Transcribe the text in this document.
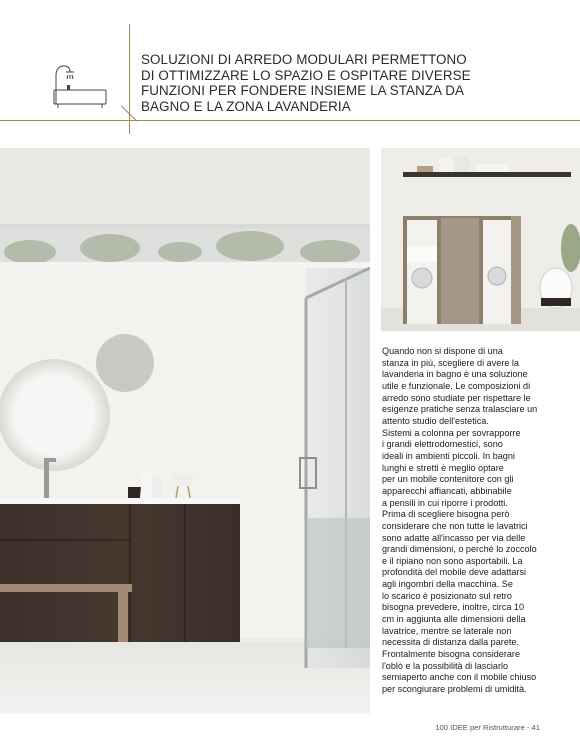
SOLUZIONI DI ARREDO MODULARI PERMETTONO
DI OTTIMIZZARE LO SPAZIO E OSPITARE DIVERSE
FUNZIONI PER FONDERE INSIEME LA STANZA DA
BAGNO E LA ZONA LAVANDERIA

Quando non si dispone di una
stanza in più, scegliere di avere la
lavanderia in bagno è una soluzione
utile e funzionale. Le composizioni di
arredo sono studiate per rispettare le
esigenze pratiche senza tralasciare un
attento studio dell'estetica.
Sistemi a colonna per sovrapporre
i grandi elettrodomestici, sono
ideali in ambienti piccoli. In bagni
lunghi e stretti è meglio optare
per un mobile contenitore con gli
apparecchi affiancati, abbinabile
a pensili in cui riporre i prodotti.
Prima di scegliere bisogna però
considerare che non tutte le lavatrici
sono adatte all'incasso per via delle
grandi dimensioni, o perché lo zoccolo
e il ripiano non sono asportabili. La
profondità del mobile deve adattarsi
agli ingombri della macchina. Se
lo scarico è posizionato sul retro
bisogna prevedere, inoltre, circa 10
cm in aggiunta alle dimensioni della
lavatrice, mentre se laterale non
necessita di distanza dalla parete.
Frontalmente bisogna considerare
l'oblò e la possibilità di lasciarlo
semiaperto anche con il mobile chiuso
per scongiurare problemi di umidità.

100 IDEE per Ristrutturare - 41
